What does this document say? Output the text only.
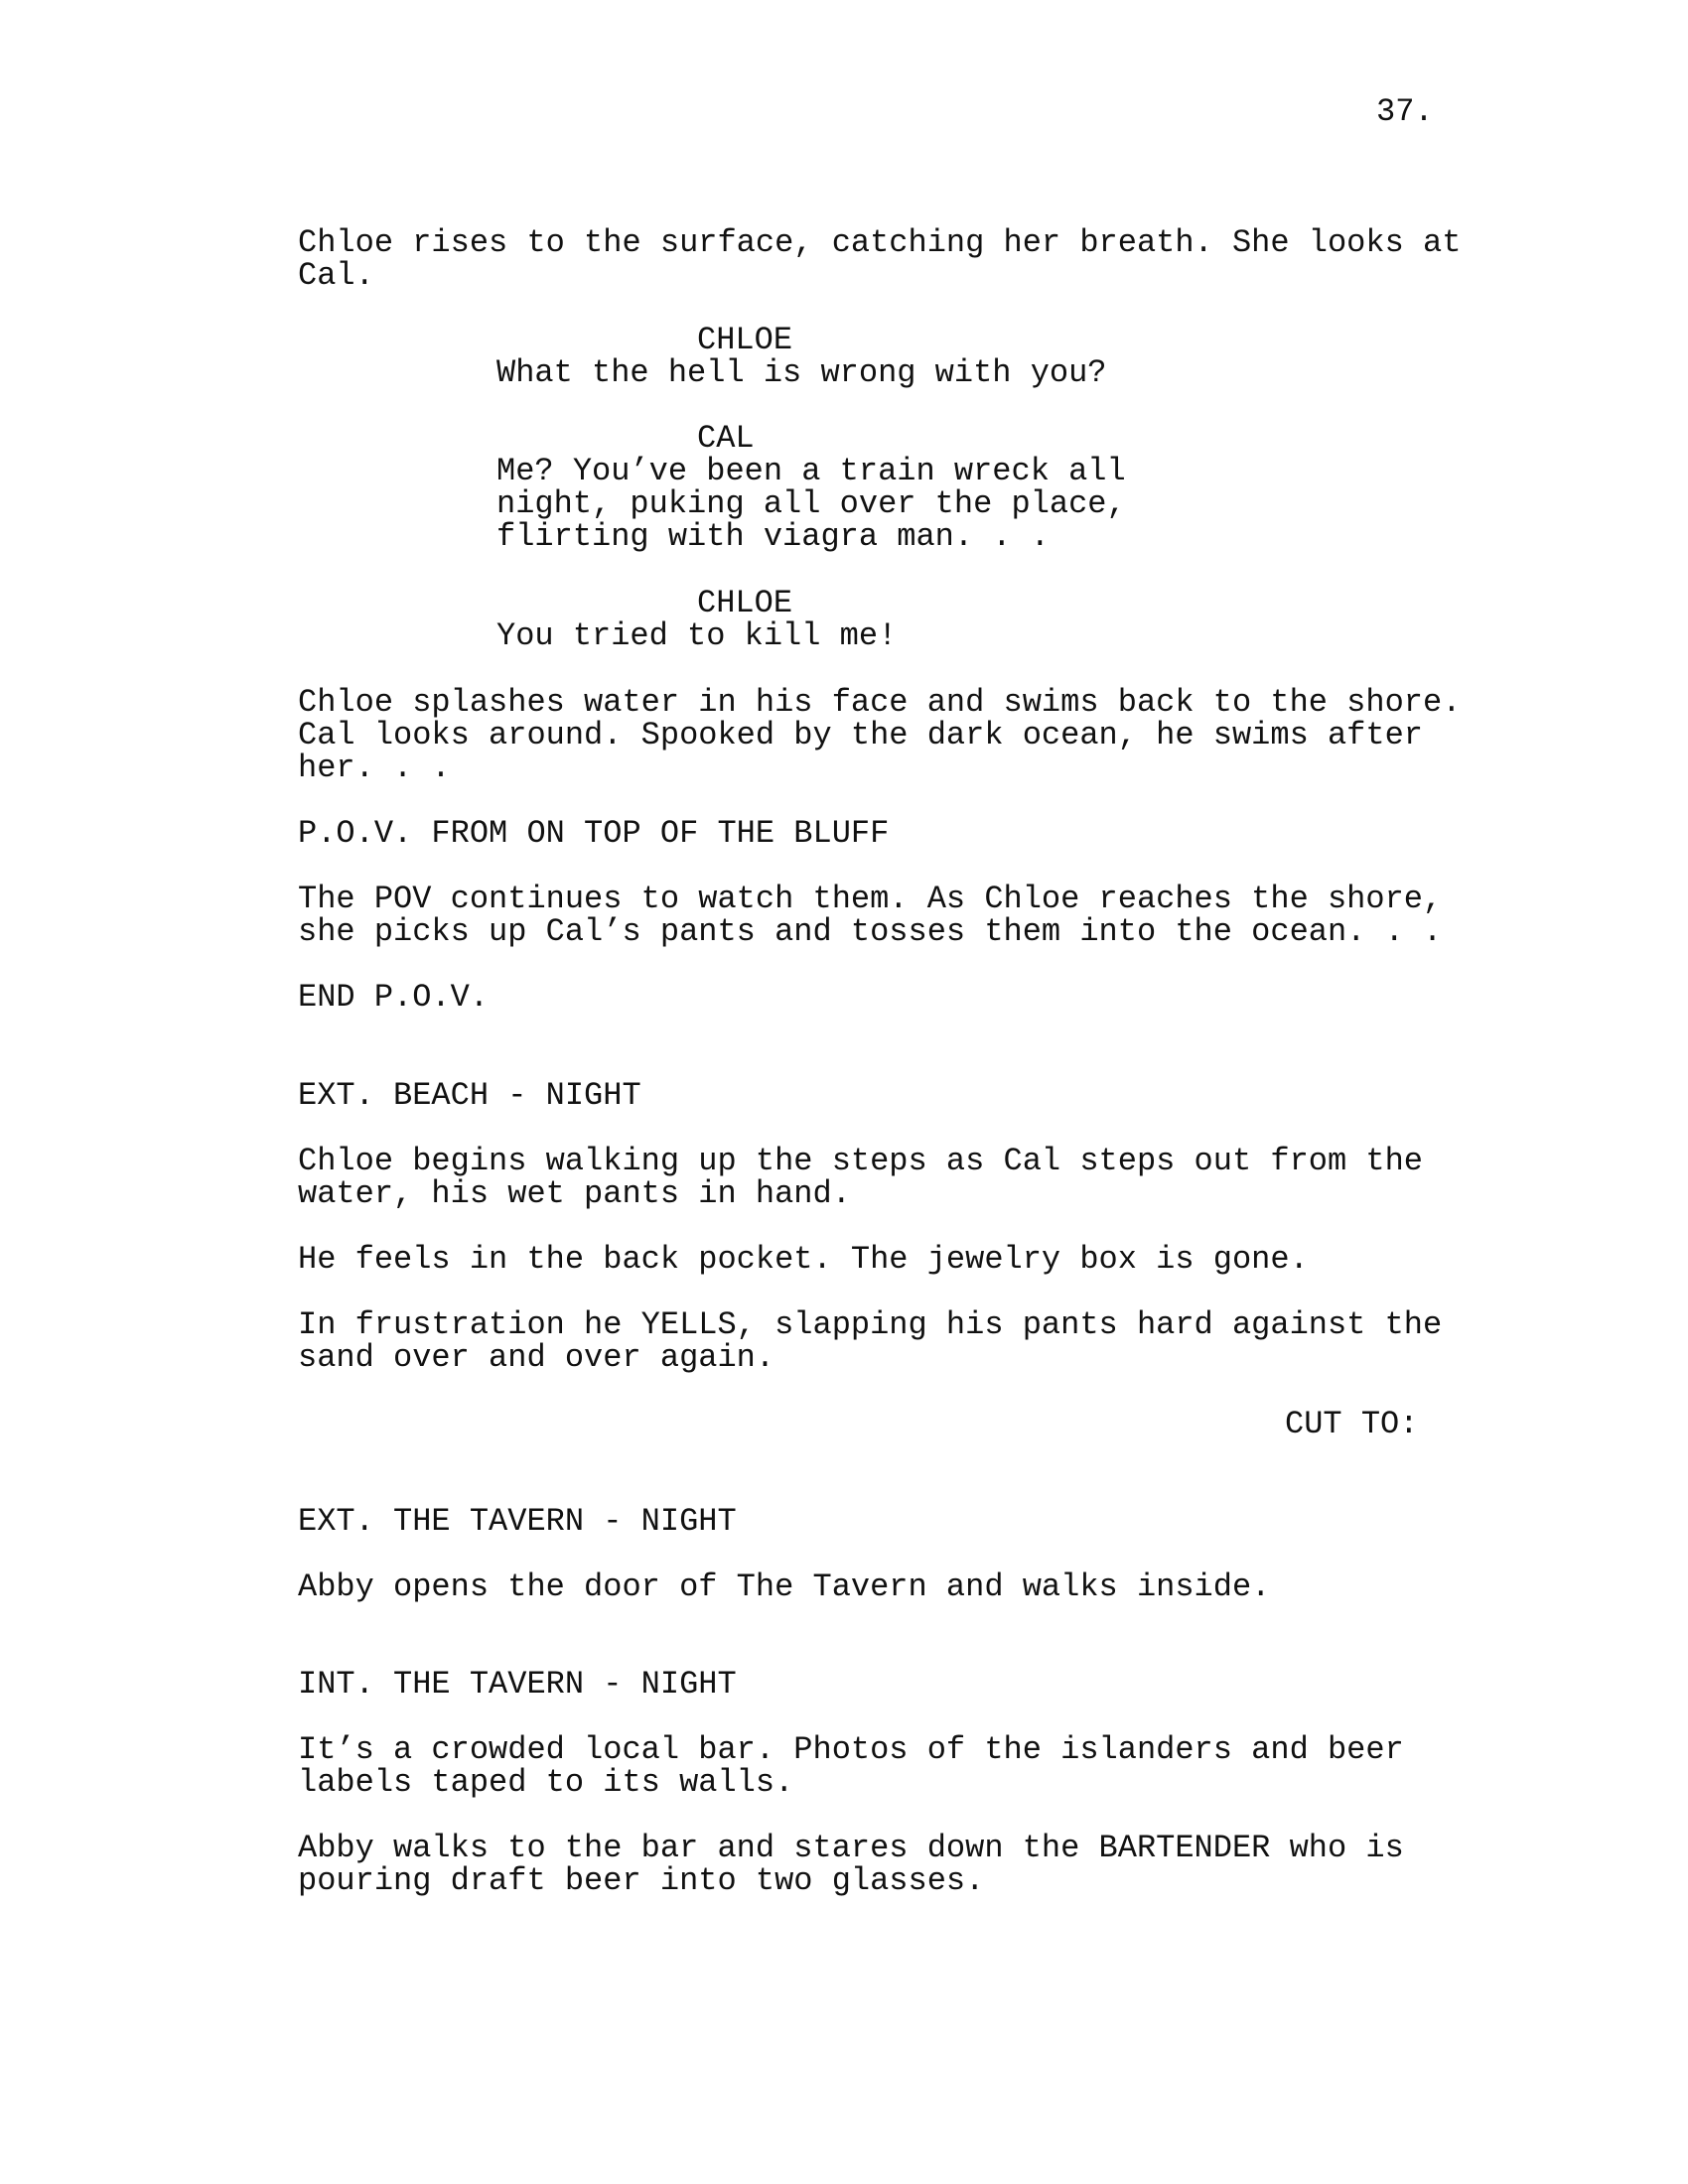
37.

Chloe rises to the surface, catching her breath. She looks at

Cal.

CHLOE

What the hell is wrong with you?

CAL

Me? You’ve been a train wreck all

night, puking all over the place,

flirting with viagra man. . .

CHLOE

You tried to kill me!

Chloe splashes water in his face and swims back to the shore.

Cal looks around. Spooked by the dark ocean, he swims after

her. . .

P.O.V. FROM ON TOP OF THE BLUFF

The POV continues to watch them. As Chloe reaches the shore,

she picks up Cal’s pants and tosses them into the ocean. . .

END P.O.V.

EXT. BEACH - NIGHT

Chloe begins walking up the steps as Cal steps out from the

water, his wet pants in hand.

He feels in the back pocket. The jewelry box is gone.

In frustration he YELLS, slapping his pants hard against the

sand over and over again.

CUT TO:

EXT. THE TAVERN - NIGHT

Abby opens the door of The Tavern and walks inside.

INT. THE TAVERN - NIGHT

It’s a crowded local bar. Photos of the islanders and beer

labels taped to its walls.

Abby walks to the bar and stares down the BARTENDER who is

pouring draft beer into two glasses.
